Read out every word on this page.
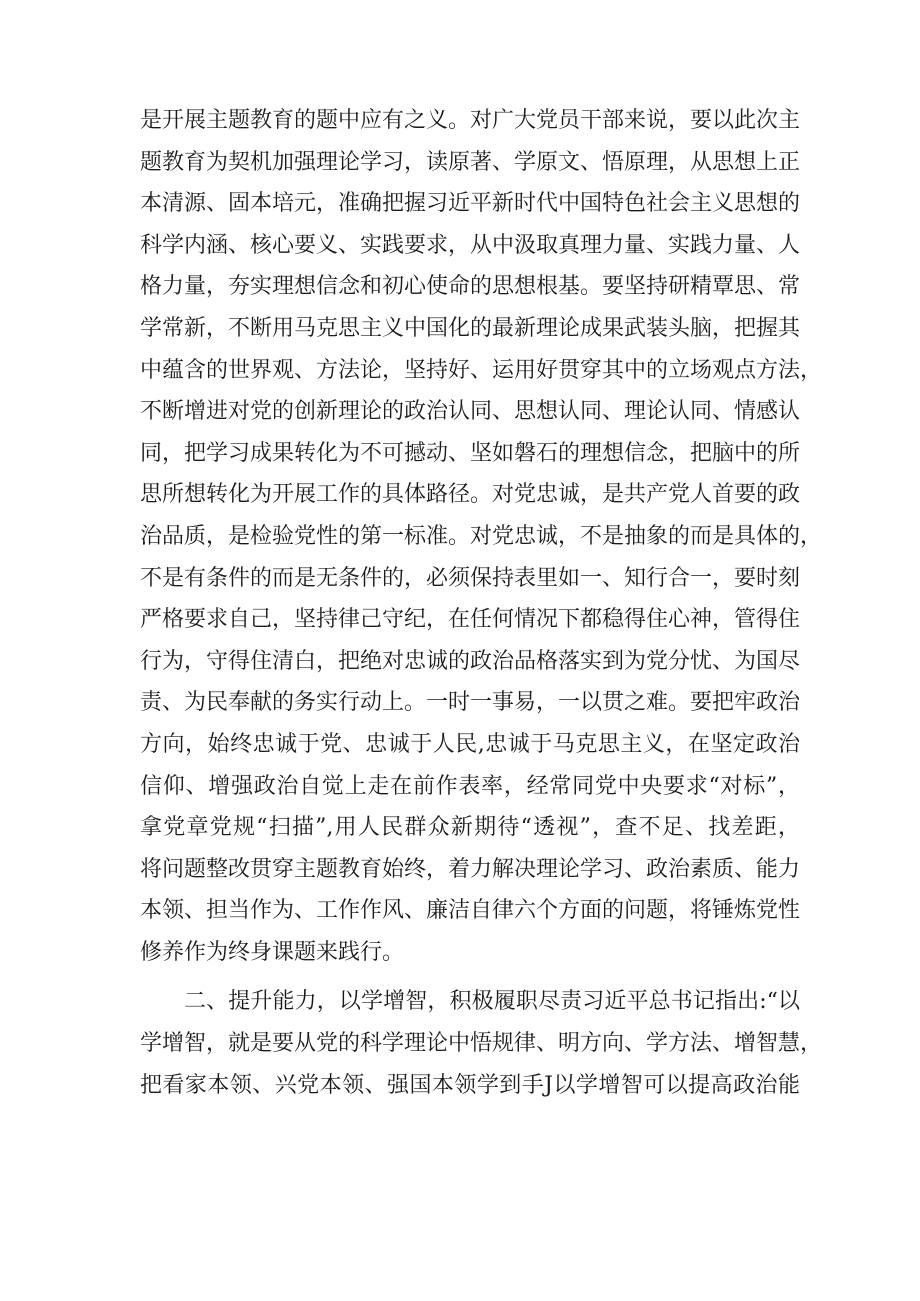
是开展主题教育的题中应有之义。对广大党员干部来说，要以此次主
题教育为契机加强理论学习，读原著、学原文、悟原理，从思想上正
本清源、固本培元，准确把握习近平新时代中国特色社会主义思想的
科学内涵、核心要义、实践要求，从中汲取真理力量、实践力量、人
格力量，夯实理想信念和初心使命的思想根基。要坚持研精覃思、常
学常新，不断用马克思主义中国化的最新理论成果武装头脑，把握其
中蕴含的世界观、方法论，坚持好、运用好贯穿其中的立场观点方法，
不断增进对党的创新理论的政治认同、思想认同、理论认同、情感认
同，把学习成果转化为不可撼动、坚如磐石的理想信念，把脑中的所
思所想转化为开展工作的具体路径。对党忠诚，是共产党人首要的政
治品质，是检验党性的第一标准。对党忠诚，不是抽象的而是具体的，
不是有条件的而是无条件的，必须保持表里如一、知行合一，要时刻
严格要求自己，坚持律己守纪，在任何情况下都稳得住心神，管得住
行为，守得住清白，把绝对忠诚的政治品格落实到为党分忧、为国尽
责、为民奉献的务实行动上。一时一事易，一以贯之难。要把牢政治
方向，始终忠诚于党、忠诚于人民,忠诚于马克思主义，在坚定政治
信仰、增强政治自觉上走在前作表率，经常同党中央要求“对标”，
拿党章党规“扫描”,用人民群众新期待“透视”，查不足、找差距，
将问题整改贯穿主题教育始终，着力解决理论学习、政治素质、能力
本领、担当作为、工作作风、廉洁自律六个方面的问题，将锤炼党性
修养作为终身课题来践行。
二、提升能力，以学增智，积极履职尽责习近平总书记指出:“以
学增智，就是要从党的科学理论中悟规律、明方向、学方法、增智慧，
把看家本领、兴党本领、强国本领学到手J以学增智可以提高政治能
